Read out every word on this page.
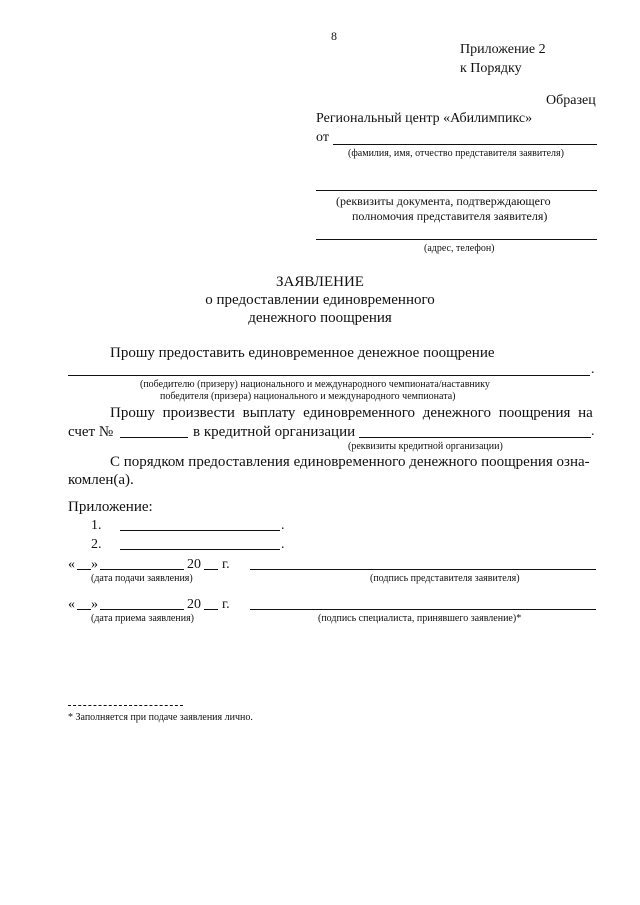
8
Приложение 2
к Порядку
Образец
Региональный центр «Абилимпикс»
от
(фамилия, имя, отчество представителя заявителя)
(реквизиты документа, подтверждающего
полномочия представителя заявителя)
(адрес, телефон)
ЗАЯВЛЕНИЕ
о предоставлении единовременного
денежного поощрения
Прошу предоставить единовременное денежное поощрение
.
(победителю (призеру) национального и международного чемпионата/наставнику
победителя (призера) национального и международного чемпионата)
Прошу произвести выплату единовременного денежного поощрения на
счет №	в кредитной организации	.
(реквизиты кредитной организации)
С порядком предоставления единовременного денежного поощрения озна-
комлен(а).
Приложение:
1.	.
2.	.
« »	20 г.
(дата подачи заявления)	(подпись представителя заявителя)
« »	20 г.
(дата приема заявления)	(подпись специалиста, принявшего заявление)*
* Заполняется при подаче заявления лично.
